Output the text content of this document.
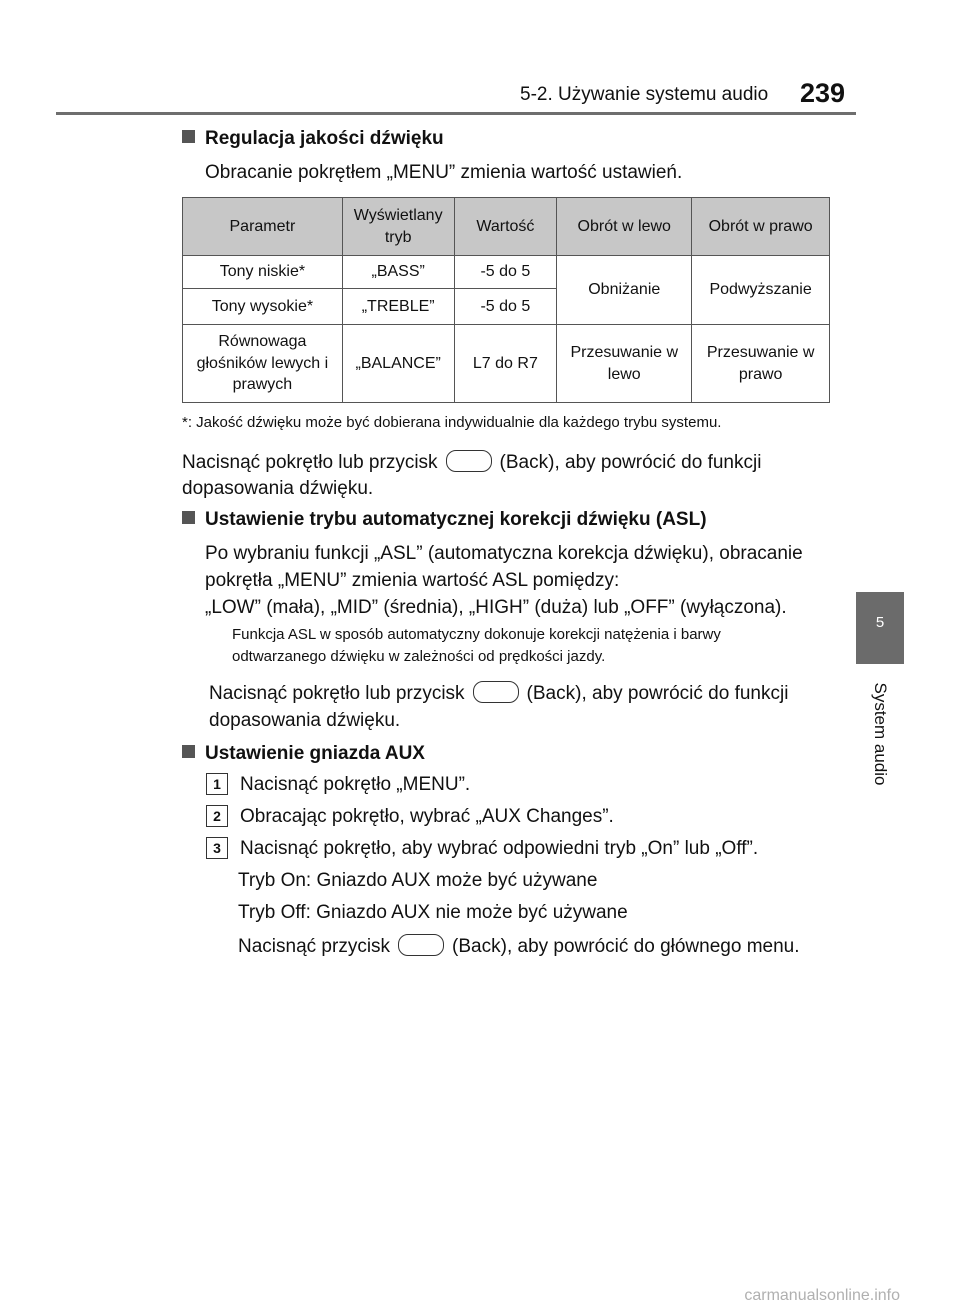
5-2. Używanie systemu audio 239
5
System audio
Regulacja jakości dźwięku
Obracanie pokrętłem „MENU” zmienia wartość ustawień.
Parametr	Wyświetlany tryb	Wartość	Obrót w lewo	Obrót w prawo
Tony niskie*	„BASS”	-5 do 5	Obniżanie	Podwyższanie
Tony wysokie*	„TREBLE”	-5 do 5		
Równowaga głośników lewych i prawych	„BALANCE”	L7 do R7	Przesuwanie w lewo	Przesuwanie w prawo
*: Jakość dźwięku może być dobierana indywidualnie dla każdego trybu systemu.
Nacisnąć pokrętło lub przycisk	(Back), aby powrócić do funkcji
dopasowania dźwięku.
Ustawienie trybu automatycznej korekcji dźwięku (ASL)
Po wybraniu funkcji „ASL” (automatyczna korekcja dźwięku), obracanie
pokrętła „MENU” zmienia wartość ASL pomiędzy:
„LOW” (mała), „MID” (średnia), „HIGH” (duża) lub „OFF” (wyłączona).
Funkcja ASL w sposób automatyczny dokonuje korekcji natężenia i barwy
odtwarzanego dźwięku w zależności od prędkości jazdy.
Nacisnąć pokrętło lub przycisk	(Back), aby powrócić do funkcji
dopasowania dźwięku.
Ustawienie gniazda AUX
1 Nacisnąć pokrętło „MENU”.
2 Obracając pokrętło, wybrać „AUX Changes”.
3 Nacisnąć pokrętło, aby wybrać odpowiedni tryb „On” lub „Off”.
Tryb On: Gniazdo AUX może być używane
Tryb Off: Gniazdo AUX nie może być używane
Nacisnąć przycisk	(Back), aby powrócić do głównego menu.
carmanualsonline.info
